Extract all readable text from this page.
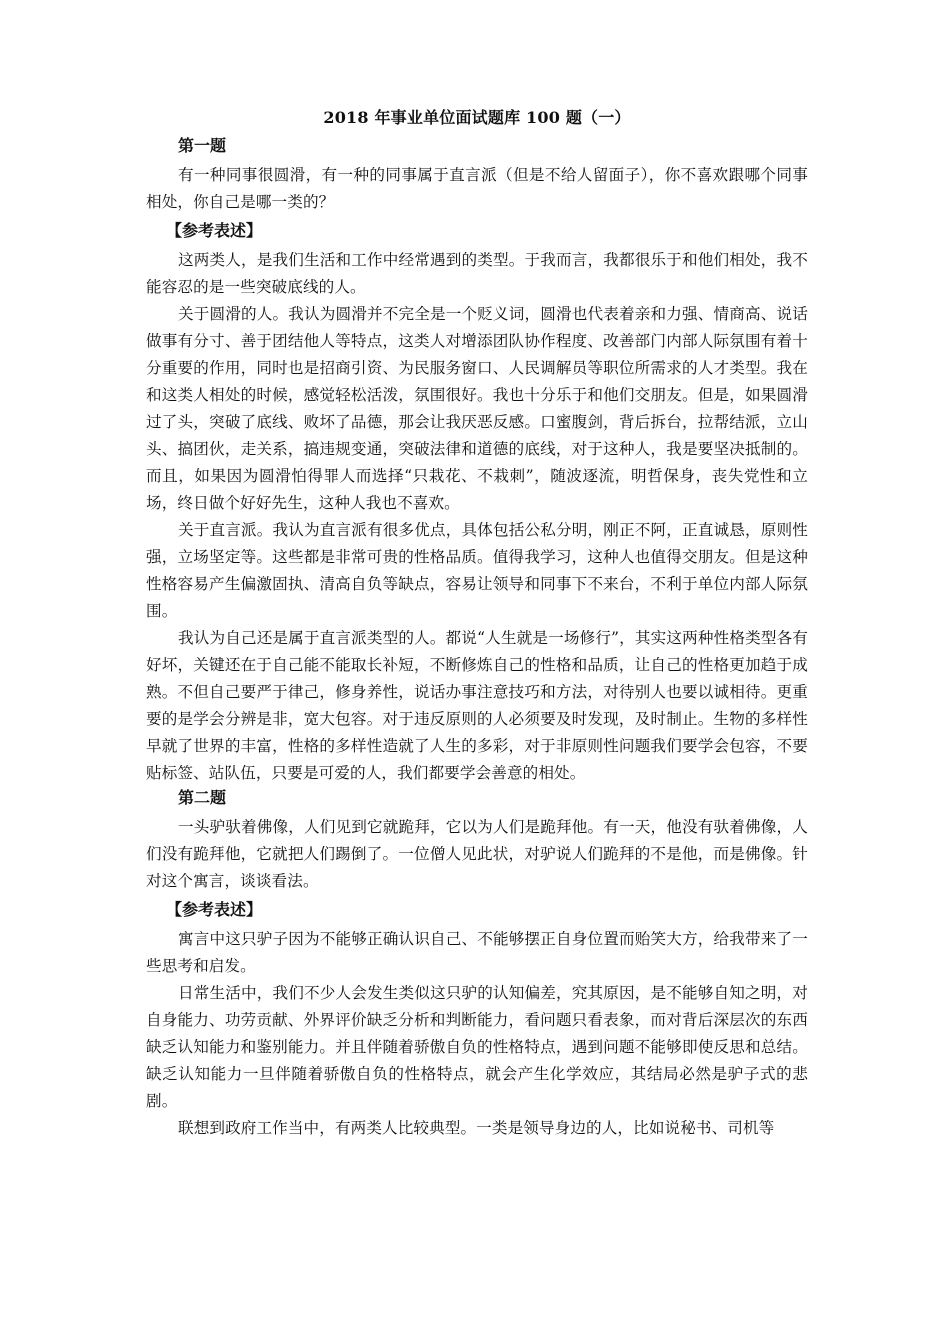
2018 年事业单位面试题库 100 题（一）
第一题

有一种同事很圆滑，有一种的同事属于直言派（但是不给人留面子），你不喜欢跟哪个同事相处，你自己是哪一类的？

【参考表述】

这两类人，是我们生活和工作中经常遇到的类型。于我而言，我都很乐于和他们相处，我不能容忍的是一些突破底线的人。

关于圆滑的人。我认为圆滑并不完全是一个贬义词，圆滑也代表着亲和力强、情商高、说话做事有分寸、善于团结他人等特点，这类人对增添团队协作程度、改善部门内部人际氛围有着十分重要的作用，同时也是招商引资、为民服务窗口、人民调解员等职位所需求的人才类型。我在和这类人相处的时候，感觉轻松活泼，氛围很好。我也十分乐于和他们交朋友。但是，如果圆滑过了头，突破了底线、败坏了品德，那会让我厌恶反感。口蜜腹剑，背后拆台，拉帮结派，立山头、搞团伙，走关系，搞违规变通，突破法律和道德的底线，对于这种人，我是要坚决抵制的。而且，如果因为圆滑怕得罪人而选择“只栽花、不栽刺”，随波逐流，明哲保身，丧失党性和立场，终日做个好好先生，这种人我也不喜欢。

关于直言派。我认为直言派有很多优点，具体包括公私分明，刚正不阿，正直诚恳，原则性强，立场坚定等。这些都是非常可贵的性格品质。值得我学习，这种人也值得交朋友。但是这种性格容易产生偏激固执、清高自负等缺点，容易让领导和同事下不来台，不利于单位内部人际氛围。

我认为自己还是属于直言派类型的人。都说“人生就是一场修行”，其实这两种性格类型各有好坏，关键还在于自己能不能取长补短，不断修炼自己的性格和品质，让自己的性格更加趋于成熟。不但自己要严于律己，修身养性，说话办事注意技巧和方法，对待别人也要以诚相待。更重要的是学会分辨是非，宽大包容。对于违反原则的人必须要及时发现，及时制止。生物的多样性早就了世界的丰富，性格的多样性造就了人生的多彩，对于非原则性问题我们要学会包容，不要贴标签、站队伍，只要是可爱的人，我们都要学会善意的相处。

第二题

一头驴驮着佛像，人们见到它就跪拜，它以为人们是跪拜他。有一天，他没有驮着佛像，人们没有跪拜他，它就把人们踢倒了。一位僧人见此状，对驴说人们跪拜的不是他，而是佛像。针对这个寓言，谈谈看法。

【参考表述】

寓言中这只驴子因为不能够正确认识自己、不能够摆正自身位置而贻笑大方，给我带来了一些思考和启发。

日常生活中，我们不少人会发生类似这只驴的认知偏差，究其原因，是不能够自知之明，对自身能力、功劳贡献、外界评价缺乏分析和判断能力，看问题只看表象，而对背后深层次的东西缺乏认知能力和鉴别能力。并且伴随着骄傲自负的性格特点，遇到问题不能够即使反思和总结。缺乏认知能力一旦伴随着骄傲自负的性格特点，就会产生化学效应，其结局必然是驴子式的悲剧。

联想到政府工作当中，有两类人比较典型。一类是领导身边的人，比如说秘书、司机等
